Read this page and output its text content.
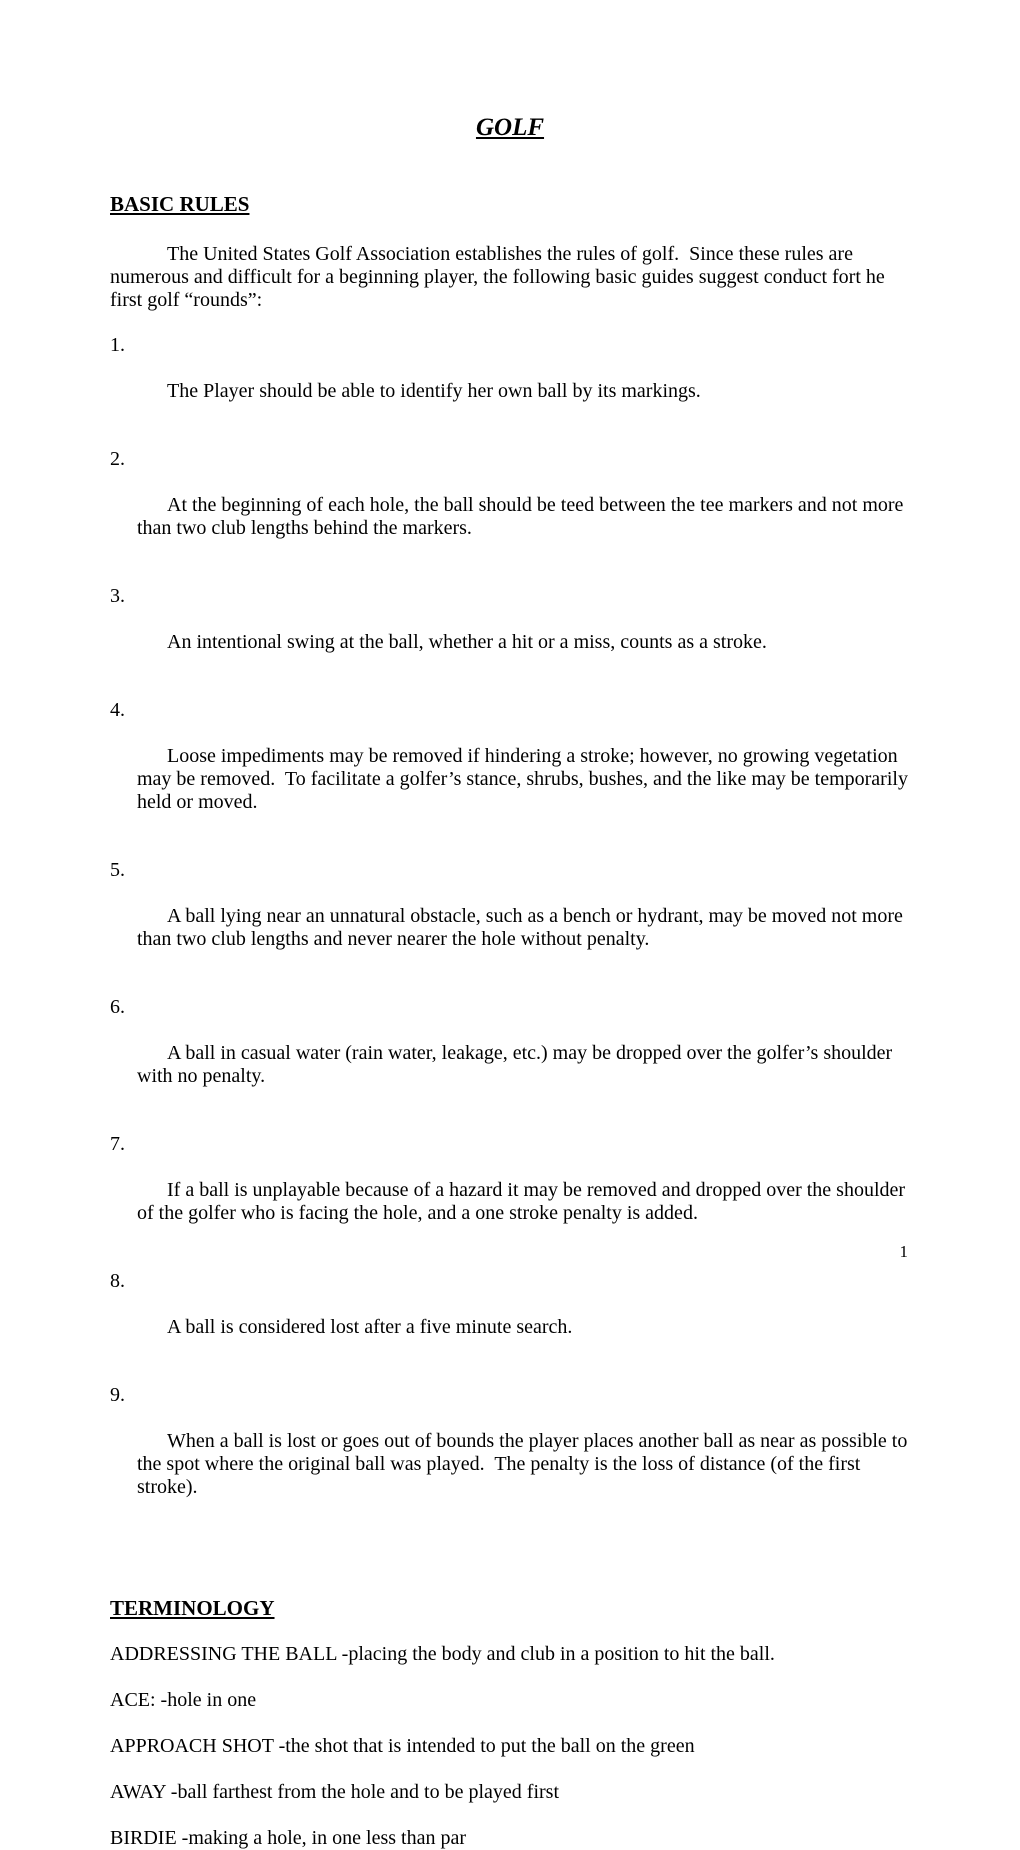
GOLF
BASIC RULES

The United States Golf Association establishes the rules of golf.  Since these rules are numerous and difficult for a beginning player, the following basic guides suggest conduct fort he first golf “rounds”:

1.

The Player should be able to identify her own ball by its markings.

2.

At the beginning of each hole, the ball should be teed between the tee markers and not more than two club lengths behind the markers.

3.

An intentional swing at the ball, whether a hit or a miss, counts as a stroke.

4.

Loose impediments may be removed if hindering a stroke; however, no growing vegetation may be removed.  To facilitate a golfer’s stance, shrubs, bushes, and the like may be temporarily held or moved.

5.

A ball lying near an unnatural obstacle, such as a bench or hydrant, may be moved not more than two club lengths and never nearer the hole without penalty.

6.

A ball in casual water (rain water, leakage, etc.) may be dropped over the golfer’s shoulder with no penalty.

7.

If a ball is unplayable because of a hazard it may be removed and dropped over the shoulder of the golfer who is facing the hole, and a one stroke penalty is added.

8.

A ball is considered lost after a five minute search.

9.

When a ball is lost or goes out of bounds the player places another ball as near as possible to the spot where the original ball was played.  The penalty is the loss of distance (of the first stroke).

TERMINOLOGY

ADDRESSING THE BALL -placing the body and club in a position to hit the ball.

ACE: -hole in one

APPROACH SHOT -the shot that is intended to put the ball on the green

AWAY -ball farthest from the hole and to be played first

BIRDIE -making a hole, in one less than par

1
